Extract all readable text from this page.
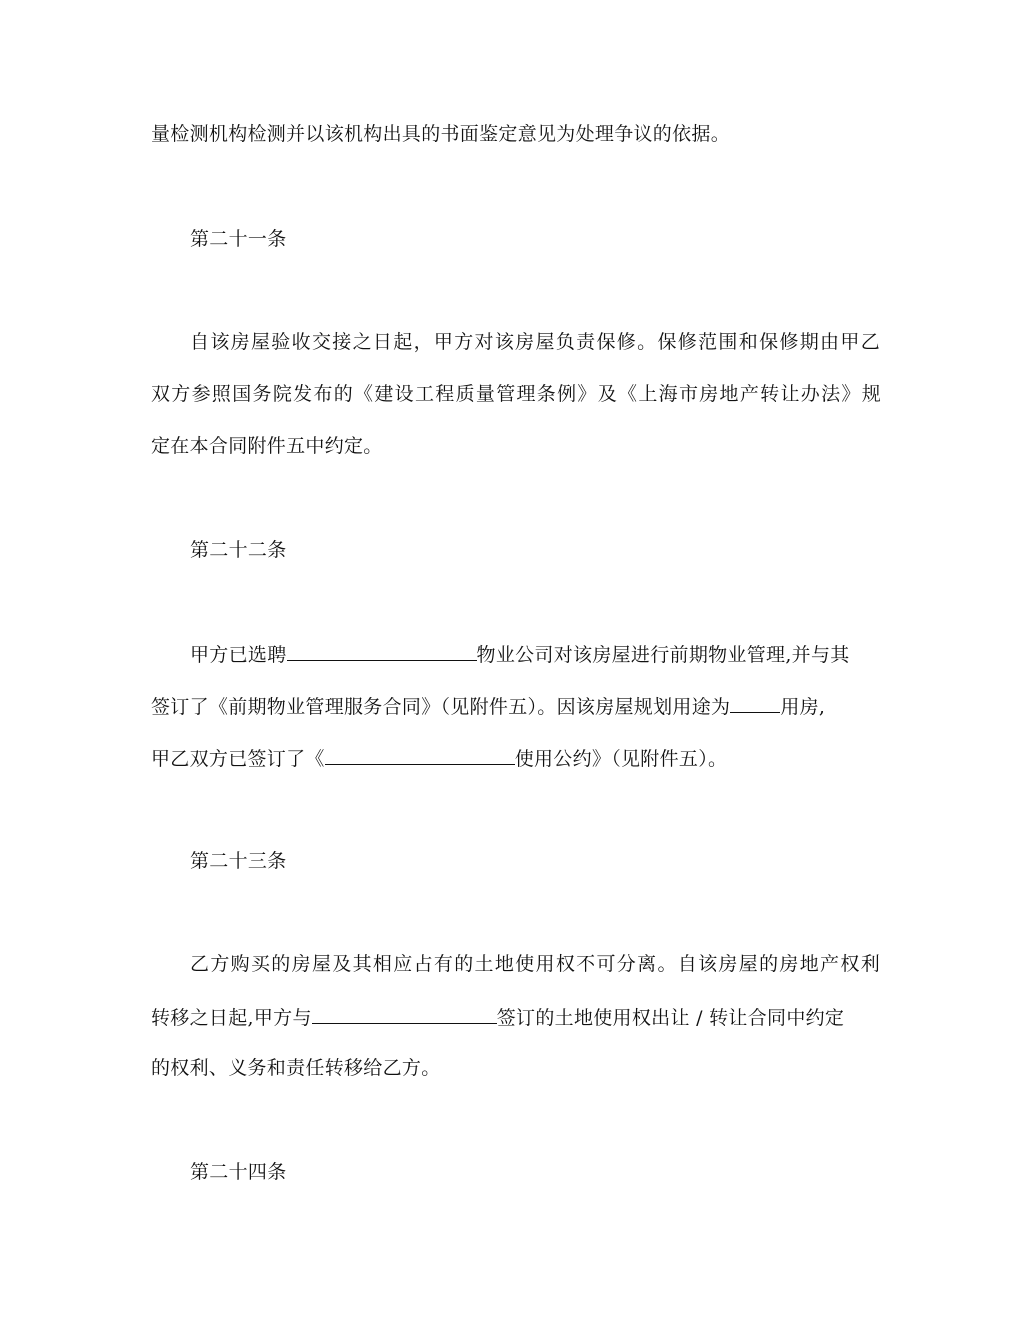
量检测机构检测并以该机构出具的书面鉴定意见为处理争议的依据。
第二十一条
自该房屋验收交接之日起，甲方对该房屋负责保修。保修范围和保修期由甲乙
双方参照国务院发布的《建设工程质量管理条例》及《上海市房地产转让办法》规
定在本合同附件五中约定。
第二十二条
甲方已选聘	物业公司对该房屋进行前期物业管理,并与其
签订了《前期物业管理服务合同》（见附件五）。因该房屋规划用途为	用房,
甲乙双方已签订了《	使用公约》（见附件五）。
第二十三条
乙方购买的房屋及其相应占有的土地使用权不可分离。自该房屋的房地产权利
转移之日起,甲方与	签订的土地使用权出让 / 转让合同中约定
的权利、义务和责任转移给乙方。
第二十四条
